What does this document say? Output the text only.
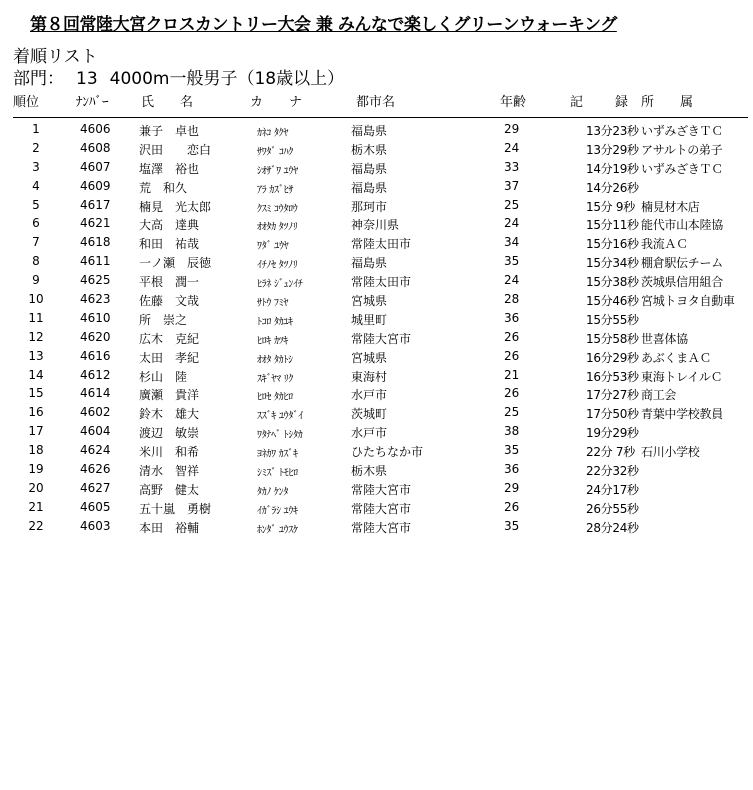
第８回常陸大宮クロスカントリー大会 兼 みんなで楽しくグリーンウォーキング
着順リスト
部門： 13 4000m一般男子（18歳以上）
順位	ﾅﾝﾊﾞｰ	氏　　名	カ　　ナ	都市名	年齢	記 録　所　　属
1	4606 兼子　卓也	ｶﾈｺ ﾀｸﾔ	福島県	29	13分23秒 いずみざきＴＣ
2	4608 沢田　　恋白	ｻﾜﾀﾞ ｺﾊｸ	栃木県	24	13分29秒 アサルトの弟子
3	4607 塩澤　裕也	ｼｵｻﾞﾜ ﾕｳﾔ	福島県	33	14分19秒 いずみざきＴＣ
4	4609 荒　和久	ｱﾗ ｶｽﾞﾋｻ	福島県	37	14分26秒
5	4617 楠見　光太郎	ｸｽﾐ ｺｳﾀﾛｳ	那珂市	25	15分 9秒 楠見材木店
6	4621 大高　達典	ｵｵﾀｶ ﾀﾂﾉﾘ	神奈川県	24	15分11秒 能代市山本陸協
7	4618 和田　祐哉	ﾜﾀﾞ ﾕｳﾔ	常陸太田市	34	15分16秒 我流ＡＣ
8	4611 一ノ瀬　辰徳	ｲﾁﾉｾ ﾀﾂﾉﾘ	福島県	35	15分34秒 棚倉駅伝チーム
9	4625 平根　潤一	ﾋﾗﾈ ｼﾞｭﾝｲﾁ	常陸太田市	24	15分38秒 茨城県信用組合
10	4623 佐藤　文哉	ｻﾄｳ ﾌﾐﾔ	宮城県	28	15分46秒 宮城トヨタ自動車
11	4610 所　崇之	ﾄｺﾛ ﾀｶﾕｷ	城里町	36	15分55秒
12	4620 広木　克紀	ﾋﾛｷ ｶﾂｷ	常陸大宮市	26	15分58秒 世喜体協
13	4616 太田　孝紀	ｵｵﾀ ﾀｶﾄｼ	宮城県	26	16分29秒 あぶくまＡＣ
14	4612 杉山　陸	ｽｷﾞﾔﾏ ﾘｸ	東海村	21	16分53秒 東海トレイルＣ
15	4614 廣瀬　貴洋	ﾋﾛｾ ﾀｶﾋﾛ	水戸市	26	17分27秒 商工会
16	4602 鈴木　雄大	ｽｽﾞｷ ﾕｳﾀﾞｲ	茨城町	25	17分50秒 青葉中学校教員
17	4604 渡辺　敏崇	ﾜﾀﾅﾍﾞ ﾄｼﾀｶ	水戸市	38	19分29秒
18	4624 米川　和希	ﾖﾈｶﾜ ｶｽﾞｷ	ひたちなか市	35	22分 7秒 石川小学校
19	4626 清水　智祥	ｼﾐｽﾞ ﾄﾓﾋﾛ	栃木県	36	22分32秒
20	4627 高野　健太	ﾀｶﾉ ｹﾝﾀ	常陸大宮市	29	24分17秒
21	4605 五十嵐　勇樹	ｲｶﾞﾗｼ ﾕｳｷ	常陸大宮市	26	26分55秒
22	4603 本田　裕輔	ﾎﾝﾀﾞ ﾕｳｽｹ	常陸大宮市	35	28分24秒
